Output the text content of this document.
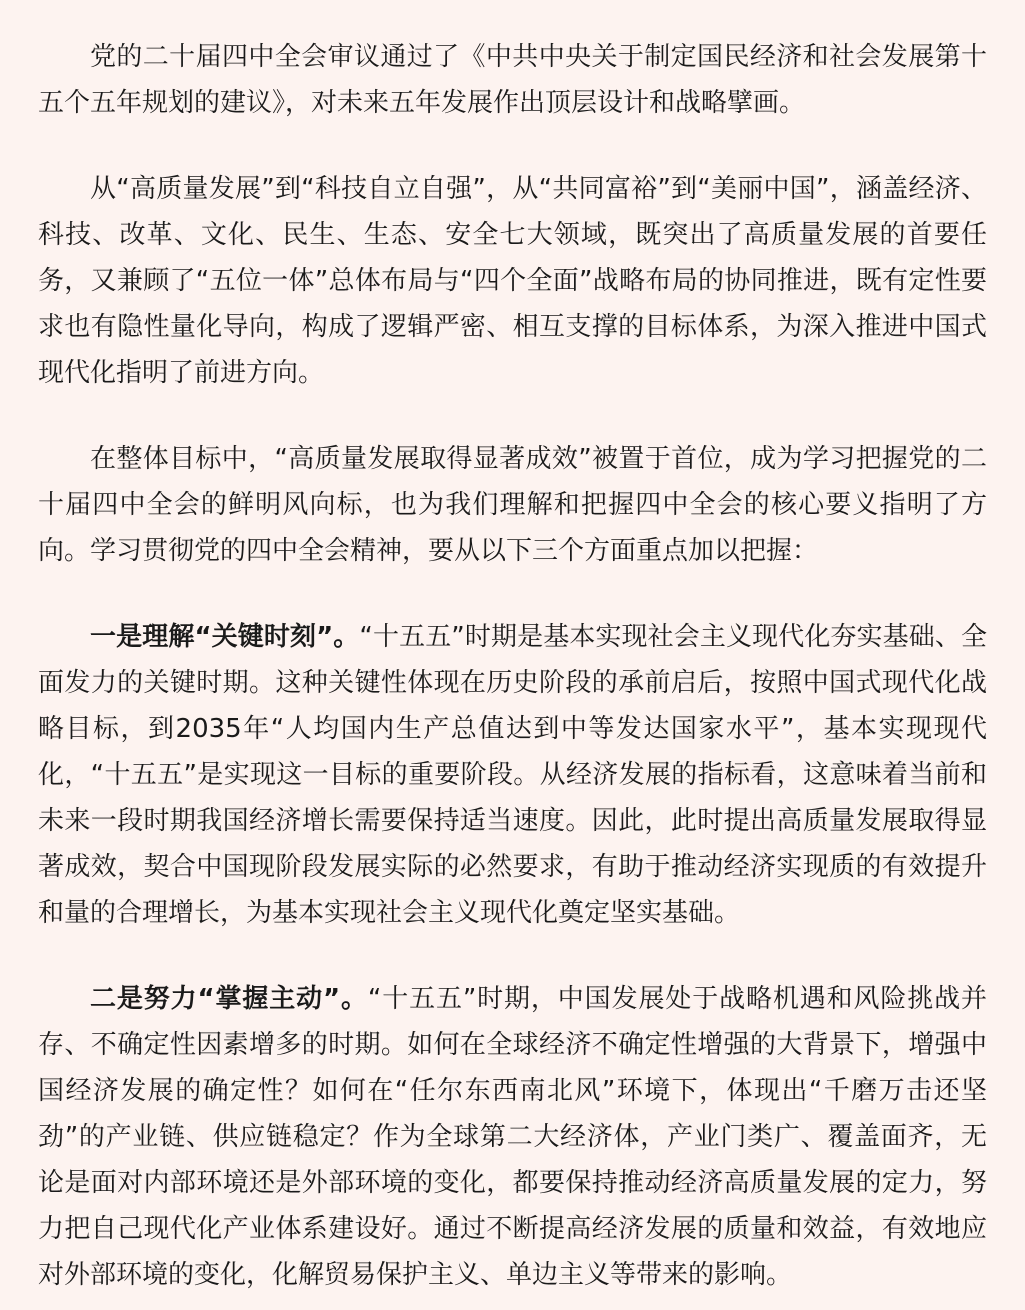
党的二十届四中全会审议通过了《中共中央关于制定国民经济和社会发展第十五个五年规划的建议》，对未来五年发展作出顶层设计和战略擘画。

从“高质量发展”到“科技自立自强”，从“共同富裕”到“美丽中国”，涵盖经济、科技、改革、文化、民生、生态、安全七大领域，既突出了高质量发展的首要任务，又兼顾了“五位一体”总体布局与“四个全面”战略布局的协同推进，既有定性要求也有隐性量化导向，构成了逻辑严密、相互支撑的目标体系，为深入推进中国式现代化指明了前进方向。

在整体目标中，“高质量发展取得显著成效”被置于首位，成为学习把握党的二十届四中全会的鲜明风向标，也为我们理解和把握四中全会的核心要义指明了方向。学习贯彻党的四中全会精神，要从以下三个方面重点加以把握：

一是理解“关键时刻”。“十五五”时期是基本实现社会主义现代化夯实基础、全面发力的关键时期。这种关键性体现在历史阶段的承前启后，按照中国式现代化战略目标，到2035年“人均国内生产总值达到中等发达国家水平”，基本实现现代化，“十五五”是实现这一目标的重要阶段。从经济发展的指标看，这意味着当前和未来一段时期我国经济增长需要保持适当速度。因此，此时提出高质量发展取得显著成效，契合中国现阶段发展实际的必然要求，有助于推动经济实现质的有效提升和量的合理增长，为基本实现社会主义现代化奠定坚实基础。

二是努力“掌握主动”。“十五五”时期，中国发展处于战略机遇和风险挑战并存、不确定性因素增多的时期。如何在全球经济不确定性增强的大背景下，增强中国经济发展的确定性？如何在“任尔东西南北风”环境下，体现出“千磨万击还坚劲”的产业链、供应链稳定？作为全球第二大经济体，产业门类广、覆盖面齐，无论是面对内部环境还是外部环境的变化，都要保持推动经济高质量发展的定力，努力把自己现代化产业体系建设好。通过不断提高经济发展的质量和效益，有效地应对外部环境的变化，化解贸易保护主义、单边主义等带来的影响。
